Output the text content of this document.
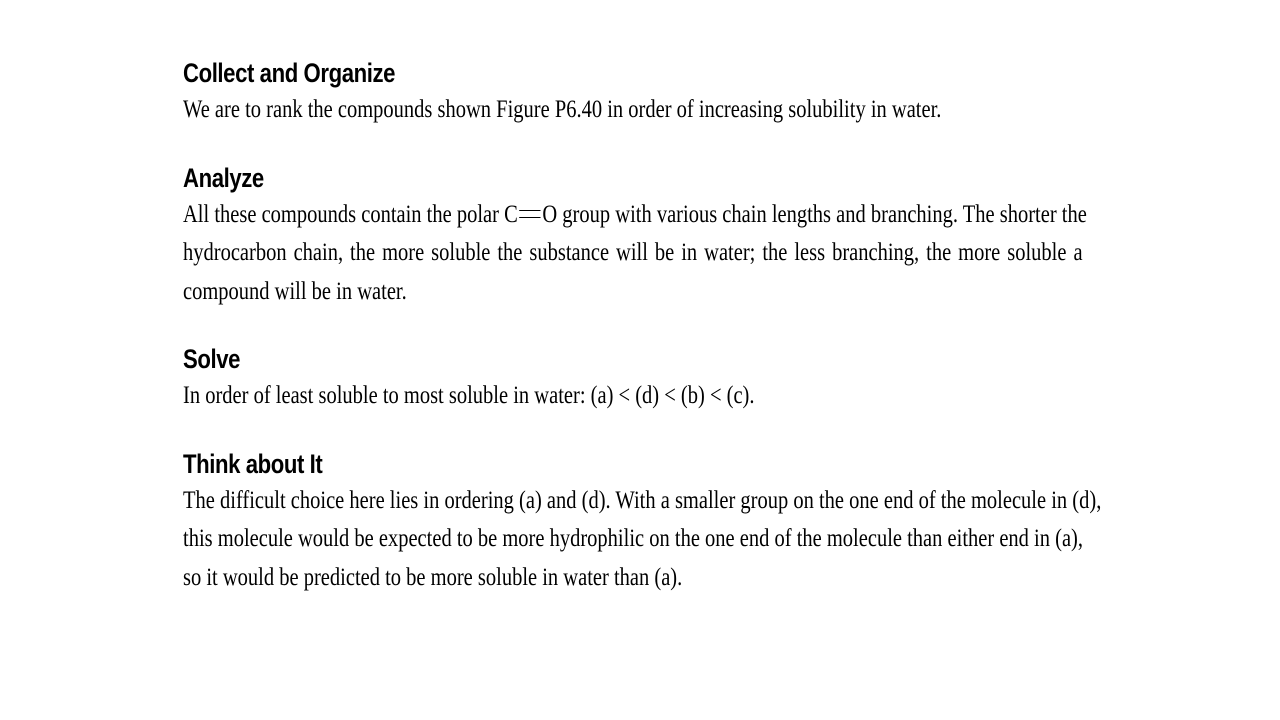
Collect and Organize
We are to rank the compounds shown Figure P6.40 in order of increasing solubility in water.
Analyze
All these compounds contain the polar C O group with various chain lengths and branching. The shorter the
hydrocarbon chain, the more soluble the substance will be in water; the less branching, the more soluble a
compound will be in water.
Solve
In order of least soluble to most soluble in water: (a) < (d) < (b) < (c).
Think about It
The difficult choice here lies in ordering (a) and (d). With a smaller group on the one end of the molecule in (d),
this molecule would be expected to be more hydrophilic on the one end of the molecule than either end in (a),
so it would be predicted to be more soluble in water than (a).
